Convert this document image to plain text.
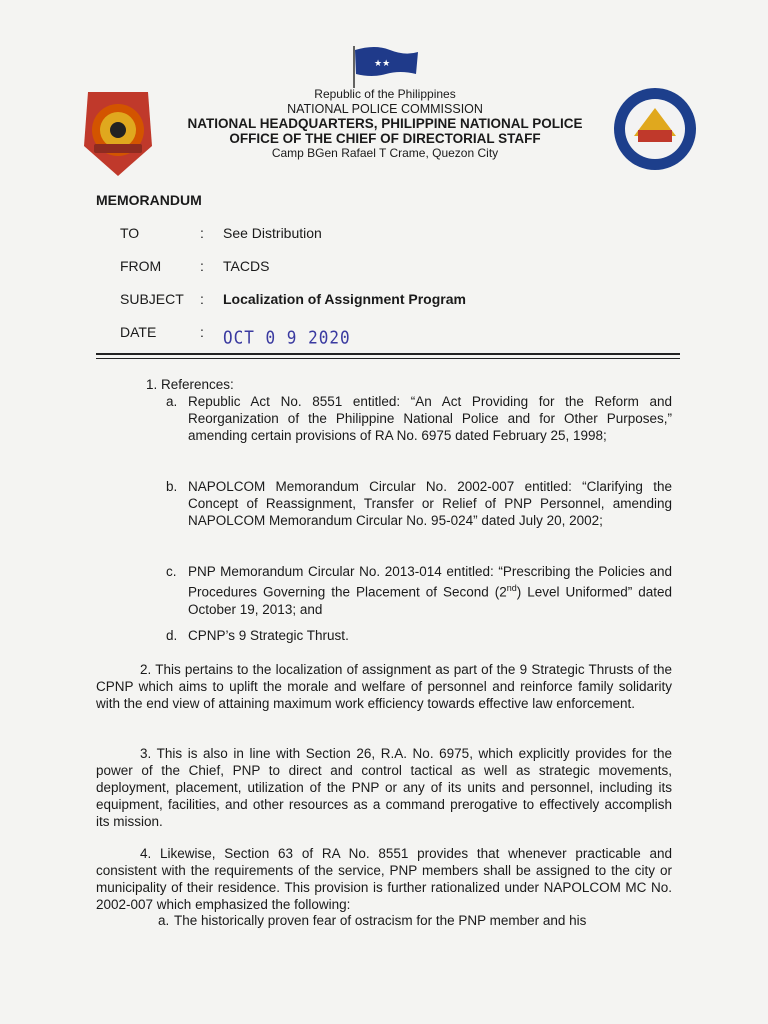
★★
Republic of the Philippines
NATIONAL POLICE COMMISSION
NATIONAL HEADQUARTERS, PHILIPPINE NATIONAL POLICE
OFFICE OF THE CHIEF OF DIRECTORIAL STAFF
Camp BGen Rafael T Crame, Quezon City
MEMORANDUM
TO	: See Distribution
FROM	: TACDS
SUBJECT	: Localization of Assignment Program
DATE	: OCT 0 9 2020
1. References:
a. Republic Act No. 8551 entitled: “An Act Providing for the Reform and Reorganization of the Philippine National Police and for Other Purposes,” amending certain provisions of RA No. 6975 dated February 25, 1998;
b. NAPOLCOM Memorandum Circular No. 2002-007 entitled: “Clarifying the Concept of Reassignment, Transfer or Relief of PNP Personnel, amending NAPOLCOM Memorandum Circular No. 95-024” dated July 20, 2002;
c. PNP Memorandum Circular No. 2013-014 entitled: “Prescribing the Policies and Procedures Governing the Placement of Second (2nd) Level Uniformed” dated October 19, 2013; and
d. CPNP’s 9 Strategic Thrust.
2. This pertains to the localization of assignment as part of the 9 Strategic Thrusts of the CPNP which aims to uplift the morale and welfare of personnel and reinforce family solidarity with the end view of attaining maximum work efficiency towards effective law enforcement.
3. This is also in line with Section 26, R.A. No. 6975, which explicitly provides for the power of the Chief, PNP to direct and control tactical as well as strategic movements, deployment, placement, utilization of the PNP or any of its units and personnel, including its equipment, facilities, and other resources as a command prerogative to effectively accomplish its mission.
4. Likewise, Section 63 of RA No. 8551 provides that whenever practicable and consistent with the requirements of the service, PNP members shall be assigned to the city or municipality of their residence. This provision is further rationalized under NAPOLCOM MC No. 2002-007 which emphasized the following:
a. The historically proven fear of ostracism for the PNP member and his
